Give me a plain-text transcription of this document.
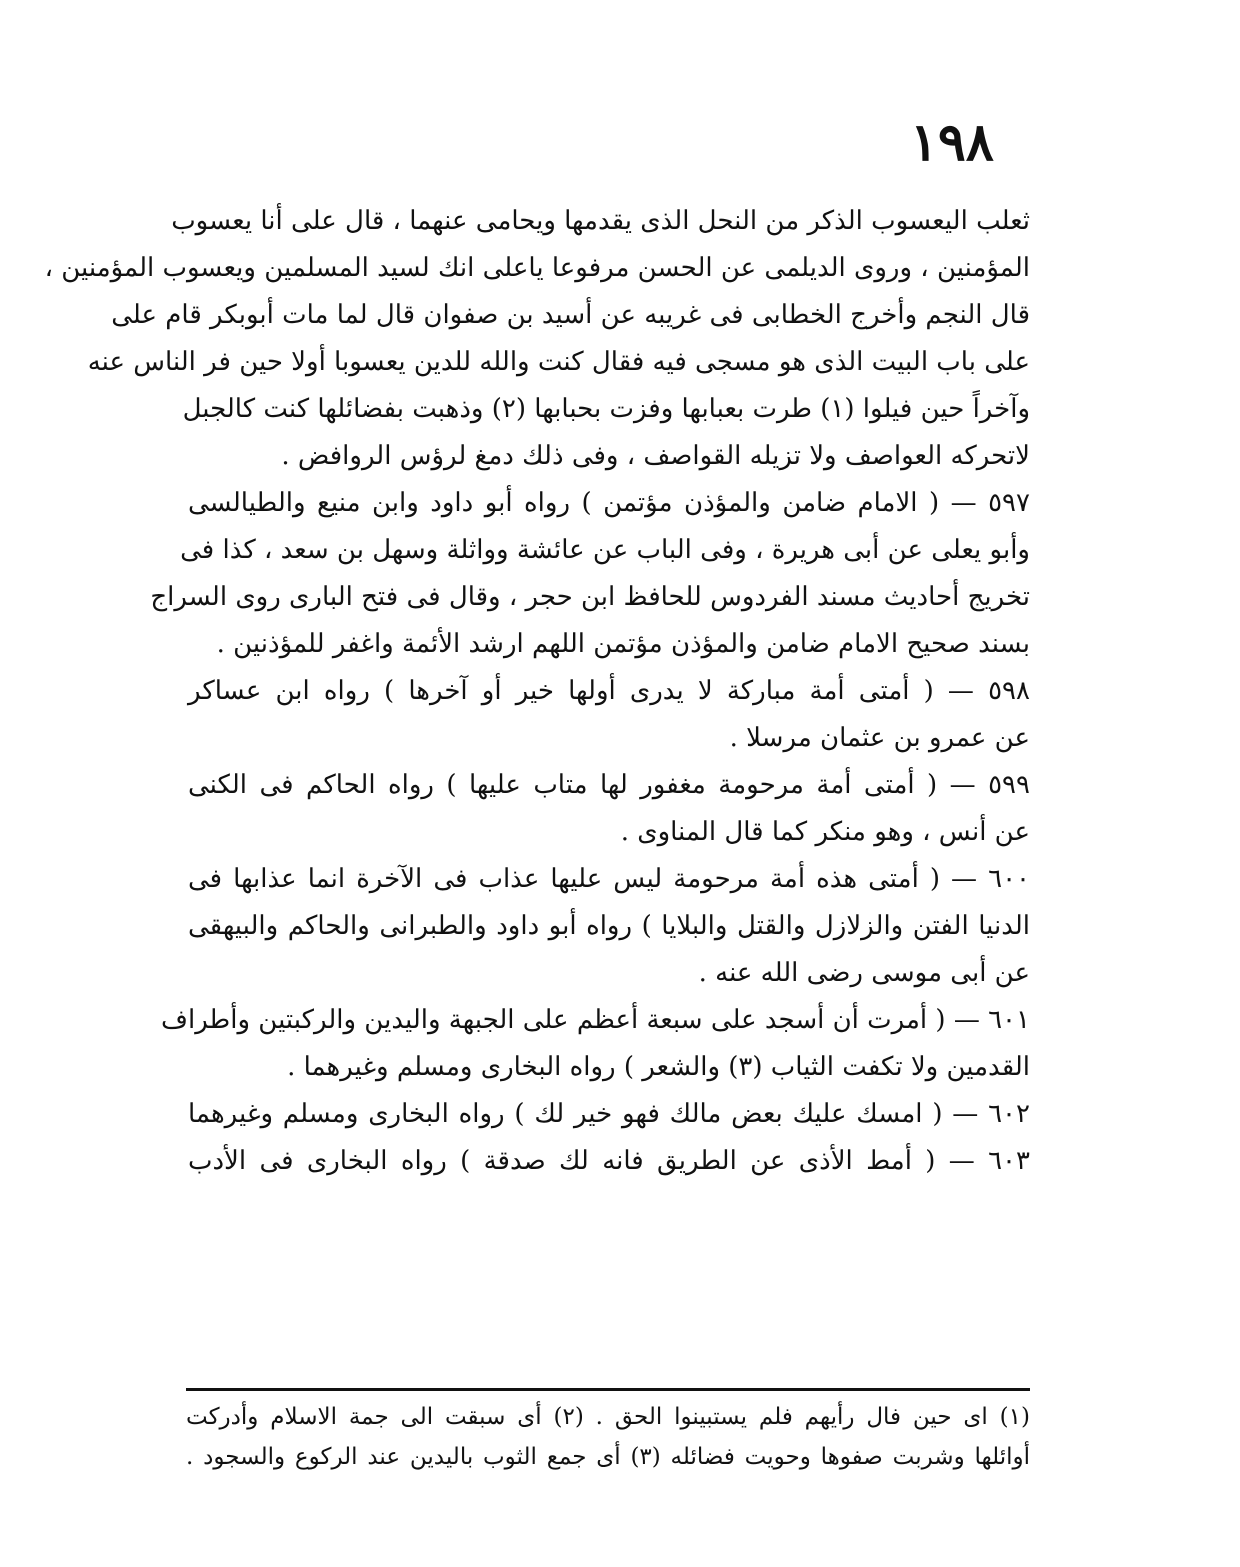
١٩٨
ثعلب اليعسوب الذكر من النحل الذى يقدمها ويحامى عنهما ، قال على أنا يعسوب
المؤمنين ، وروى الديلمى عن الحسن مرفوعا ياعلى انك لسيد المسلمين ويعسوب المؤمنين ،
قال النجم وأخرج الخطابى فى غريبه عن أسيد بن صفوان قال لما مات أبوبكر قام على
على باب البيت الذى هو مسجى فيه فقال كنت والله للدين يعسوبا أولا حين فر الناس عنه
وآخراً حين فيلوا (١) طرت بعبابها وفزت بحبابها (٢) وذهبت بفضائلها كنت كالجبل
لاتحركه العواصف ولا تزيله القواصف ، وفى ذلك دمغ لرؤس الروافض .
٥٩٧ — ( الامام ضامن والمؤذن مؤتمن ) رواه أبو داود وابن منيع والطيالسى
وأبو يعلى عن أبى هريرة ، وفى الباب عن عائشة وواثلة وسهل بن سعد ، كذا فى
تخريج أحاديث مسند الفردوس للحافظ ابن حجر ، وقال فى فتح البارى روى السراج
بسند صحيح الامام ضامن والمؤذن مؤتمن اللهم ارشد الأئمة واغفر للمؤذنين .
٥٩٨ — ( أمتى أمة مباركة لا يدرى أولها خير أو آخرها ) رواه ابن عساكر
عن عمرو بن عثمان مرسلا .
٥٩٩ — ( أمتى أمة مرحومة مغفور لها متاب عليها ) رواه الحاكم فى الكنى
عن أنس ، وهو منكر كما قال المناوى .
٦٠٠ — ( أمتى هذه أمة مرحومة ليس عليها عذاب فى الآخرة انما عذابها فى
الدنيا الفتن والزلازل والقتل والبلايا ) رواه أبو داود والطبرانى والحاكم والبيهقى
عن أبى موسى رضى الله عنه .
٦٠١ — ( أمرت أن أسجد على سبعة أعظم على الجبهة واليدين والركبتين وأطراف
القدمين ولا تكفت الثياب (٣) والشعر ) رواه البخارى ومسلم وغيرهما .
٦٠٢ — ( امسك عليك بعض مالك فهو خير لك ) رواه البخارى ومسلم وغيرهما
٦٠٣ — ( أمط الأذى عن الطريق فانه لك صدقة ) رواه البخارى فى الأدب
(١) اى حين فال رأيهم فلم يستبينوا الحق . (٢) أى سبقت الى جمة الاسلام وأدركت
أوائلها وشربت صفوها وحويت فضائله (٣) أى جمع الثوب باليدين عند الركوع والسجود .
